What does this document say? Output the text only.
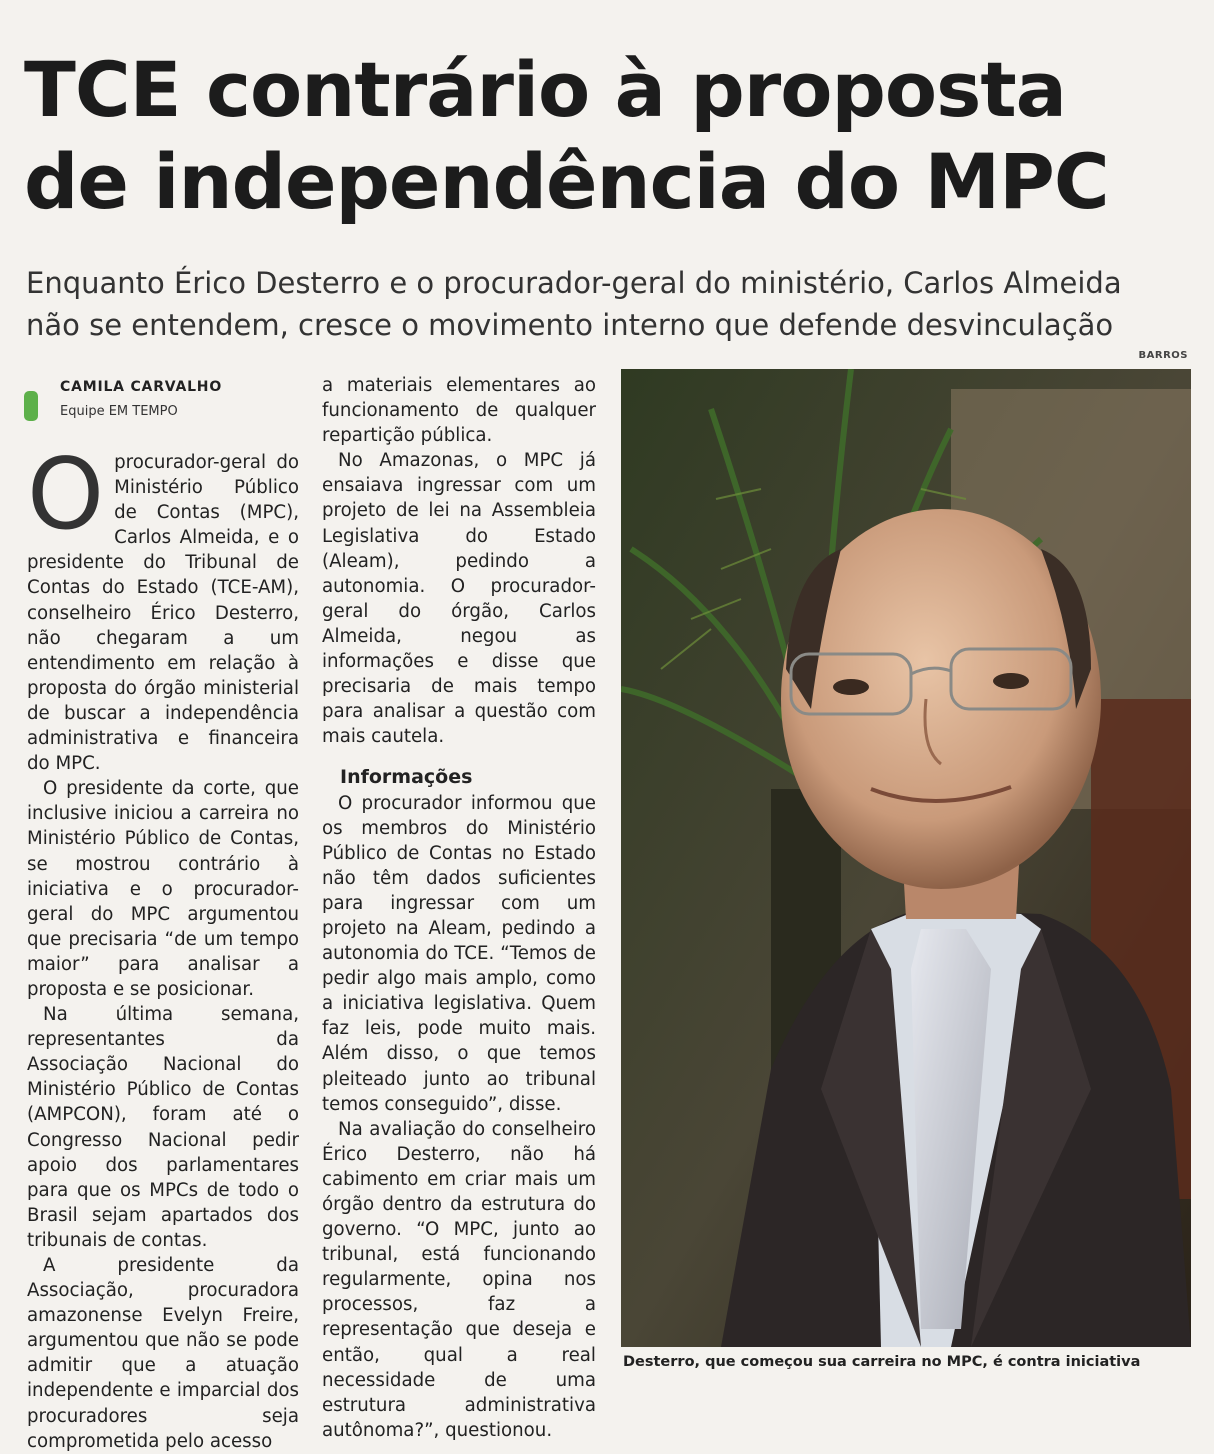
TCE contrário à proposta
de independência do MPC
Enquanto Érico Desterro e o procurador-geral do ministério, Carlos Almeida
não se entendem, cresce o movimento interno que defende desvinculação
BARROS
CAMILA CARVALHO
Equipe EM TEMPO

Oprocurador-geral do Ministério Público de Contas (MPC), Carlos Almeida, e o presidente do Tribunal de Contas do Estado (TCE-AM), conselheiro Érico Desterro, não chegaram a um entendimento em relação à proposta do órgão ministerial de buscar a independência administrativa e financeira do MPC.

O presidente da corte, que inclusive iniciou a carreira no Ministério Público de Contas, se mostrou contrário à iniciativa e o procurador-geral do MPC argumentou que precisaria “de um tempo maior” para analisar a proposta e se posicionar.

Na última semana, representantes da Associação Nacional do Ministério Público de Contas (AMPCON), foram até o Congresso Nacional pedir apoio dos parlamentares para que os MPCs de todo o Brasil sejam apartados dos tribunais de contas.

A presidente da Associação, procuradora amazonense Evelyn Freire, argumentou que não se pode admitir que a atuação independente e imparcial dos procuradores seja comprometida pelo acesso

a materiais elementares ao funcionamento de qualquer repartição pública.

No Amazonas, o MPC já ensaiava ingressar com um projeto de lei na Assembleia Legislativa do Estado (Aleam), pedindo a autonomia. O procurador-geral do órgão, Carlos Almeida, negou as informações e disse que precisaria de mais tempo para analisar a questão com mais cautela.

Informações

O procurador informou que os membros do Ministério Público de Contas no Estado não têm dados suficientes para ingressar com um projeto na Aleam, pedindo a autonomia do TCE. “Temos de pedir algo mais amplo, como a iniciativa legislativa. Quem faz leis, pode muito mais. Além disso, o que temos pleiteado junto ao tribunal temos conseguido”, disse.

Na avaliação do conselheiro Érico Desterro, não há cabimento em criar mais um órgão dentro da estrutura do governo. “O MPC, junto ao tribunal, está funcionando regularmente, opina nos processos, faz a representação que deseja e então, qual a real necessidade de uma estrutura administrativa autônoma?”, questionou.

Desterro, que começou sua carreira no MPC, é contra iniciativa
